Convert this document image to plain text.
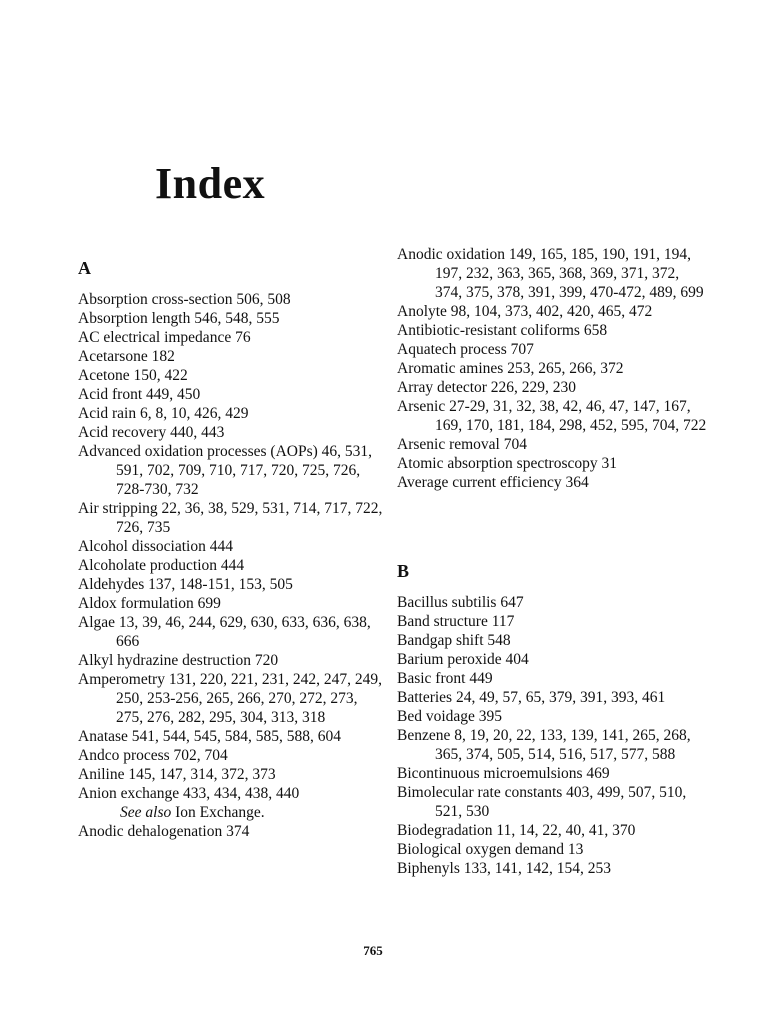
Index
A
Absorption cross-section 506, 508
Absorption length 546, 548, 555
AC electrical impedance 76
Acetarsone 182
Acetone 150, 422
Acid front 449, 450
Acid rain 6, 8, 10, 426, 429
Acid recovery 440, 443
Advanced oxidation processes (AOPs) 46, 531, 591, 702, 709, 710, 717, 720, 725, 726, 728-730, 732
Air stripping 22, 36, 38, 529, 531, 714, 717, 722, 726, 735
Alcohol dissociation 444
Alcoholate production 444
Aldehydes 137, 148-151, 153, 505
Aldox formulation 699
Algae 13, 39, 46, 244, 629, 630, 633, 636, 638, 666
Alkyl hydrazine destruction 720
Amperometry 131, 220, 221, 231, 242, 247, 249, 250, 253-256, 265, 266, 270, 272, 273, 275, 276, 282, 295, 304, 313, 318
Anatase 541, 544, 545, 584, 585, 588, 604
Andco process 702, 704
Aniline 145, 147, 314, 372, 373
Anion exchange 433, 434, 438, 440
See also Ion Exchange.
Anodic dehalogenation 374
Anodic oxidation 149, 165, 185, 190, 191, 194, 197, 232, 363, 365, 368, 369, 371, 372, 374, 375, 378, 391, 399, 470-472, 489, 699
Anolyte 98, 104, 373, 402, 420, 465, 472
Antibiotic-resistant coliforms 658
Aquatech process 707
Aromatic amines 253, 265, 266, 372
Array detector 226, 229, 230
Arsenic 27-29, 31, 32, 38, 42, 46, 47, 147, 167, 169, 170, 181, 184, 298, 452, 595, 704, 722
Arsenic removal 704
Atomic absorption spectroscopy 31
Average current efficiency 364
B
Bacillus subtilis 647
Band structure 117
Bandgap shift 548
Barium peroxide 404
Basic front 449
Batteries 24, 49, 57, 65, 379, 391, 393, 461
Bed voidage 395
Benzene 8, 19, 20, 22, 133, 139, 141, 265, 268, 365, 374, 505, 514, 516, 517, 577, 588
Bicontinuous microemulsions 469
Bimolecular rate constants 403, 499, 507, 510, 521, 530
Biodegradation 11, 14, 22, 40, 41, 370
Biological oxygen demand 13
Biphenyls 133, 141, 142, 154, 253
765
